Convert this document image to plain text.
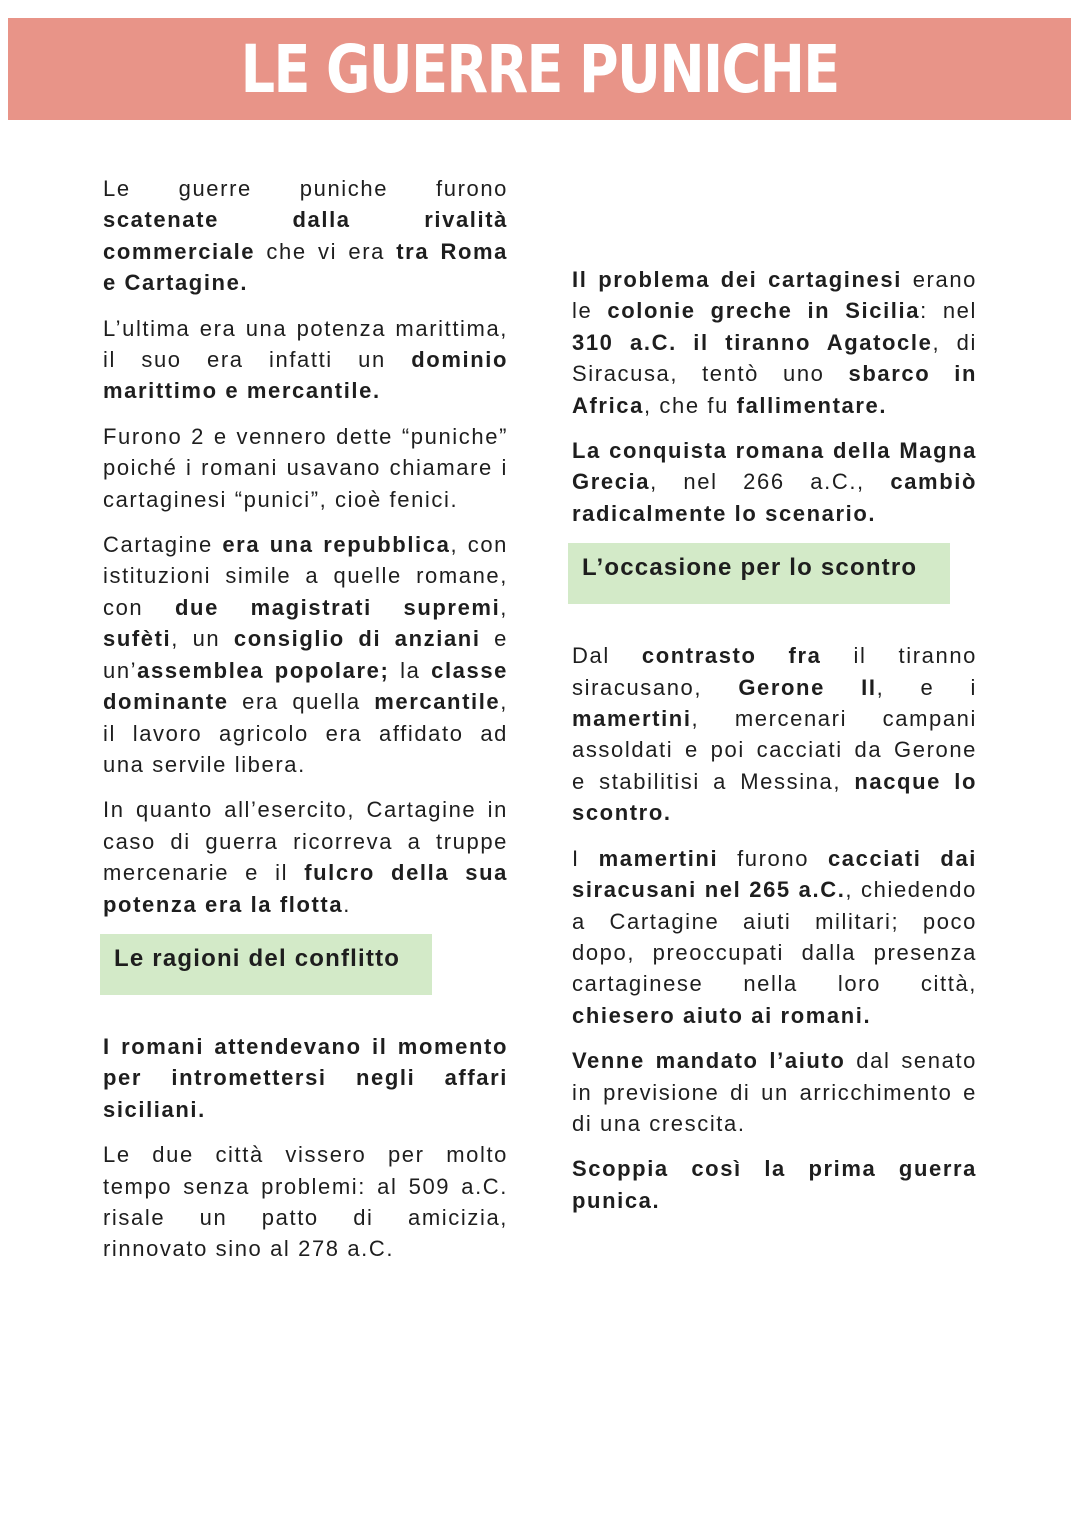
LE GUERRE PUNICHE

Le guerre puniche furono scatenate dalla rivalità commerciale che vi era tra Roma e Cartagine.

L’ultima era una potenza marittima, il suo era infatti un dominio marittimo e mercantile.

Furono 2 e vennero dette “puniche” poiché i romani usavano chiamare i cartaginesi “punici”, cioè fenici.

Cartagine era una repubblica, con istituzioni simile a quelle romane, con due magistrati supremi, sufèti, un consiglio di anziani e un’assemblea popolare; la classe dominante era quella mercantile, il lavoro agricolo era affidato ad una servile libera.

In quanto all’esercito, Cartagine in caso di guerra ricorreva a truppe mercenarie e il fulcro della sua potenza era la flotta.

Le ragioni del conflitto

I romani attendevano il momento per intromettersi negli affari siciliani.

Le due città vissero per molto tempo senza problemi: al 509 a.C. risale un patto di amicizia, rinnovato sino al 278 a.C.

Il problema dei cartaginesi erano le colonie greche in Sicilia: nel 310 a.C. il tiranno Agatocle, di Siracusa, tentò uno sbarco in Africa, che fu fallimentare.

La conquista romana della Magna Grecia, nel 266 a.C., cambiò radicalmente lo scenario.

L’occasione per lo scontro

Dal contrasto fra il tiranno siracusano, Gerone II, e i mamertini, mercenari campani assoldati e poi cacciati da Gerone e stabilitisi a Messina, nacque lo scontro.

I mamertini furono cacciati dai siracusani nel 265 a.C., chiedendo a Cartagine aiuti militari; poco dopo, preoccupati dalla presenza cartaginese nella loro città, chiesero aiuto ai romani.

Venne mandato l’aiuto dal senato in previsione di un arricchimento e di una crescita.

Scoppia così la prima guerra punica.
